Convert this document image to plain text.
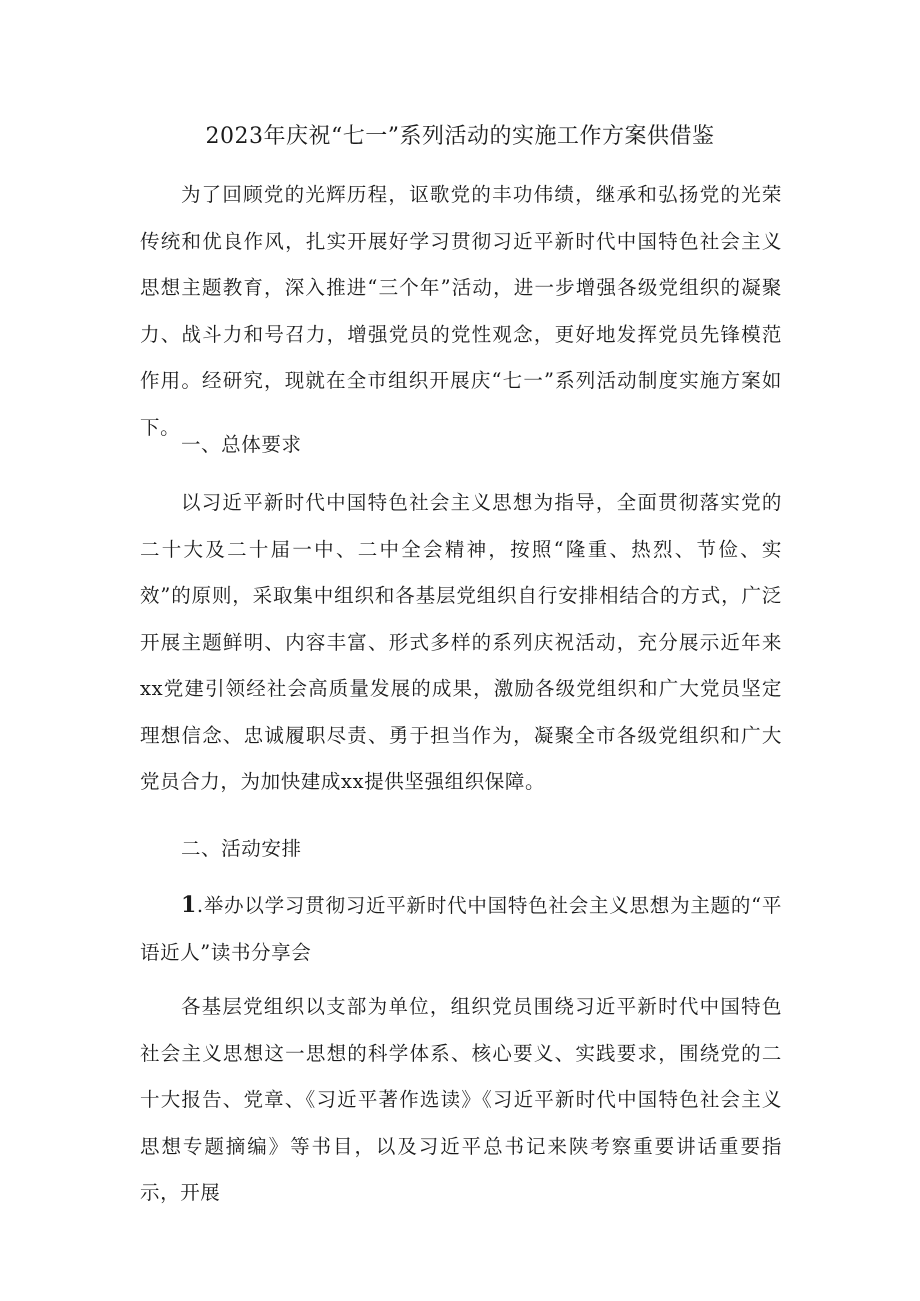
2023年庆祝“七一”系列活动的实施工作方案供借鉴

为了回顾党的光辉历程，讴歌党的丰功伟绩，继承和弘扬党的光荣传统和优良作风，扎实开展好学习贯彻习近平新时代中国特色社会主义思想主题教育，深入推进“三个年”活动，进一步增强各级党组织的凝聚力、战斗力和号召力，增强党员的党性观念，更好地发挥党员先锋模范作用。经研究，现就在全市组织开展庆“七一”系列活动制度实施方案如下。

一、总体要求

以习近平新时代中国特色社会主义思想为指导，全面贯彻落实党的二十大及二十届一中、二中全会精神，按照“隆重、热烈、节俭、实效”的原则，采取集中组织和各基层党组织自行安排相结合的方式，广泛开展主题鲜明、内容丰富、形式多样的系列庆祝活动，充分展示近年来xx党建引领经社会高质量发展的成果，激励各级党组织和广大党员坚定理想信念、忠诚履职尽责、勇于担当作为，凝聚全市各级党组织和广大党员合力，为加快建成xx提供坚强组织保障。

二、活动安排

1.举办以学习贯彻习近平新时代中国特色社会主义思想为主题的“平语近人”读书分享会

各基层党组织以支部为单位，组织党员围绕习近平新时代中国特色社会主义思想这一思想的科学体系、核心要义、实践要求，围绕党的二十大报告、党章、《习近平著作选读》《习近平新时代中国特色社会主义思想专题摘编》等书目，以及习近平总书记来陕考察重要讲话重要指示，开展
